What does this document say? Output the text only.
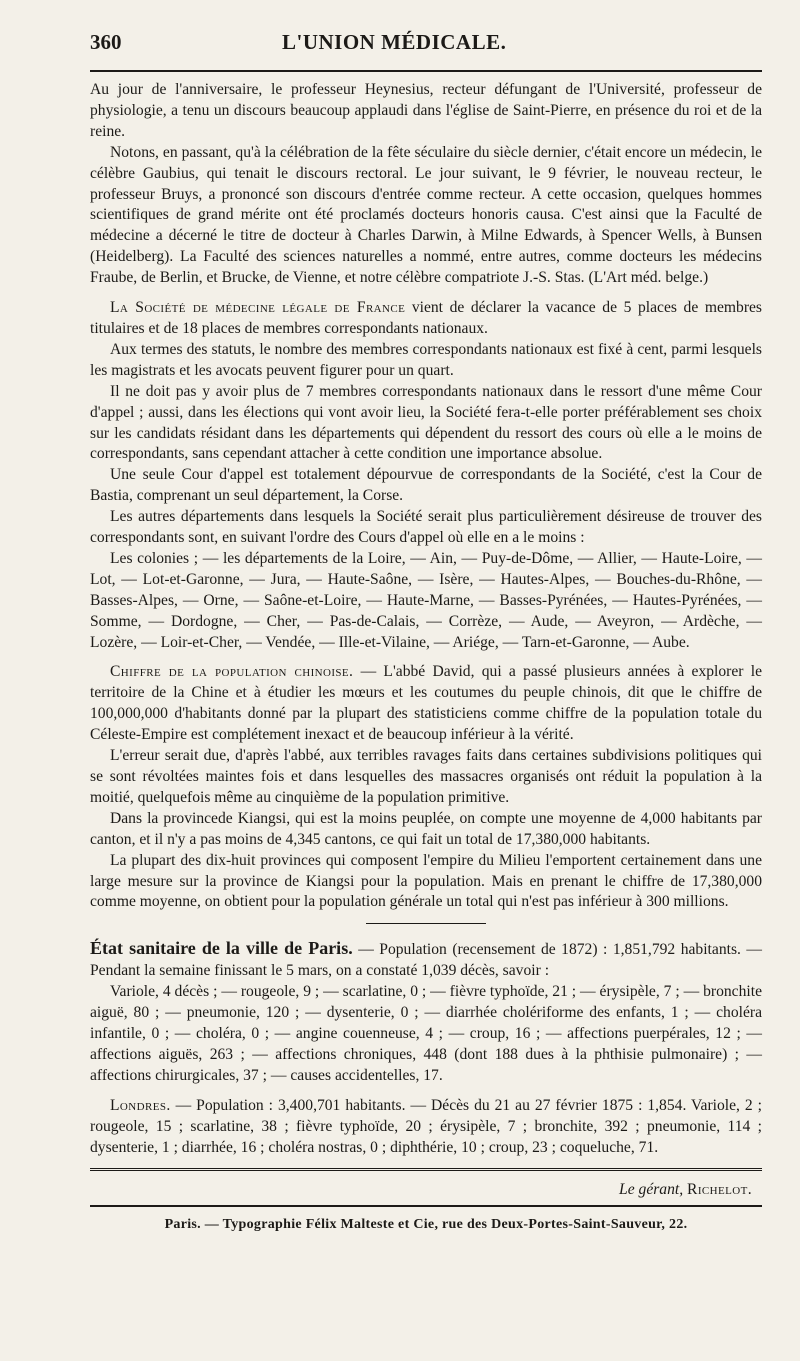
360	L'UNION MÉDICALE.

Au jour de l'anniversaire, le professeur Heynesius, recteur défungant de l'Université, professeur de physiologie, a tenu un discours beaucoup applaudi dans l'église de Saint-Pierre, en présence du roi et de la reine.

Notons, en passant, qu'à la célébration de la fête séculaire du siècle dernier, c'était encore un médecin, le célèbre Gaubius, qui tenait le discours rectoral. Le jour suivant, le 9 février, le nouveau recteur, le professeur Bruys, a prononcé son discours d'entrée comme recteur. A cette occasion, quelques hommes scientifiques de grand mérite ont été proclamés docteurs honoris causa. C'est ainsi que la Faculté de médecine a décerné le titre de docteur à Charles Darwin, à Milne Edwards, à Spencer Wells, à Bunsen (Heidelberg). La Faculté des sciences naturelles a nommé, entre autres, comme docteurs les médecins Fraube, de Berlin, et Brucke, de Vienne, et notre célèbre compatriote J.-S. Stas. (L'Art méd. belge.)

La Société de médecine légale de France vient de déclarer la vacance de 5 places de membres titulaires et de 18 places de membres correspondants nationaux.

Aux termes des statuts, le nombre des membres correspondants nationaux est fixé à cent, parmi lesquels les magistrats et les avocats peuvent figurer pour un quart.

Il ne doit pas y avoir plus de 7 membres correspondants nationaux dans le ressort d'une même Cour d'appel ; aussi, dans les élections qui vont avoir lieu, la Société fera-t-elle porter préférablement ses choix sur les candidats résidant dans les départements qui dépendent du ressort des cours où elle a le moins de correspondants, sans cependant attacher à cette condition une importance absolue.

Une seule Cour d'appel est totalement dépourvue de correspondants de la Société, c'est la Cour de Bastia, comprenant un seul département, la Corse.

Les autres départements dans lesquels la Société serait plus particulièrement désireuse de trouver des correspondants sont, en suivant l'ordre des Cours d'appel où elle en a le moins :

Les colonies ; — les départements de la Loire, — Ain, — Puy-de-Dôme, — Allier, — Haute-Loire, — Lot, — Lot-et-Garonne, — Jura, — Haute-Saône, — Isère, — Hautes-Alpes, — Bouches-du-Rhône, — Basses-Alpes, — Orne, — Saône-et-Loire, — Haute-Marne, — Basses-Pyrénées, — Hautes-Pyrénées, — Somme, — Dordogne, — Cher, — Pas-de-Calais, — Corrèze, — Aude, — Aveyron, — Ardèche, — Lozère, — Loir-et-Cher, — Vendée, — Ille-et-Vilaine, — Ariége, — Tarn-et-Garonne, — Aube.

Chiffre de la population chinoise. — L'abbé David, qui a passé plusieurs années à explorer le territoire de la Chine et à étudier les mœurs et les coutumes du peuple chinois, dit que le chiffre de 100,000,000 d'habitants donné par la plupart des statisticiens comme chiffre de la population totale du Céleste-Empire est complétement inexact et de beaucoup inférieur à la vérité.

L'erreur serait due, d'après l'abbé, aux terribles ravages faits dans certaines subdivisions politiques qui se sont révoltées maintes fois et dans lesquelles des massacres organisés ont réduit la population à la moitié, quelquefois même au cinquième de la population primitive.

Dans la provincede Kiangsi, qui est la moins peuplée, on compte une moyenne de 4,000 habitants par canton, et il n'y a pas moins de 4,345 cantons, ce qui fait un total de 17,380,000 habitants.

La plupart des dix-huit provinces qui composent l'empire du Milieu l'emportent certainement dans une large mesure sur la province de Kiangsi pour la population. Mais en prenant le chiffre de 17,380,000 comme moyenne, on obtient pour la population générale un total qui n'est pas inférieur à 300 millions.

État sanitaire de la ville de Paris. — Population (recensement de 1872) : 1,851,792 habitants. — Pendant la semaine finissant le 5 mars, on a constaté 1,039 décès, savoir :

Variole, 4 décès ; — rougeole, 9 ; — scarlatine, 0 ; — fièvre typhoïde, 21 ; — érysipèle, 7 ; — bronchite aiguë, 80 ; — pneumonie, 120 ; — dysenterie, 0 ; — diarrhée cholériforme des enfants, 1 ; — choléra infantile, 0 ; — choléra, 0 ; — angine couenneuse, 4 ; — croup, 16 ; — affections puerpérales, 12 ; — affections aiguës, 263 ; — affections chroniques, 448 (dont 188 dues à la phthisie pulmonaire) ; — affections chirurgicales, 37 ; — causes accidentelles, 17.

Londres. — Population : 3,400,701 habitants. — Décès du 21 au 27 février 1875 : 1,854. Variole, 2 ; rougeole, 15 ; scarlatine, 38 ; fièvre typhoïde, 20 ; érysipèle, 7 ; bronchite, 392 ; pneumonie, 114 ; dysenterie, 1 ; diarrhée, 16 ; choléra nostras, 0 ; diphthérie, 10 ; croup, 23 ; coqueluche, 71.

Le gérant, Richelot.
Paris. — Typographie Félix Malteste et Cie, rue des Deux-Portes-Saint-Sauveur, 22.
